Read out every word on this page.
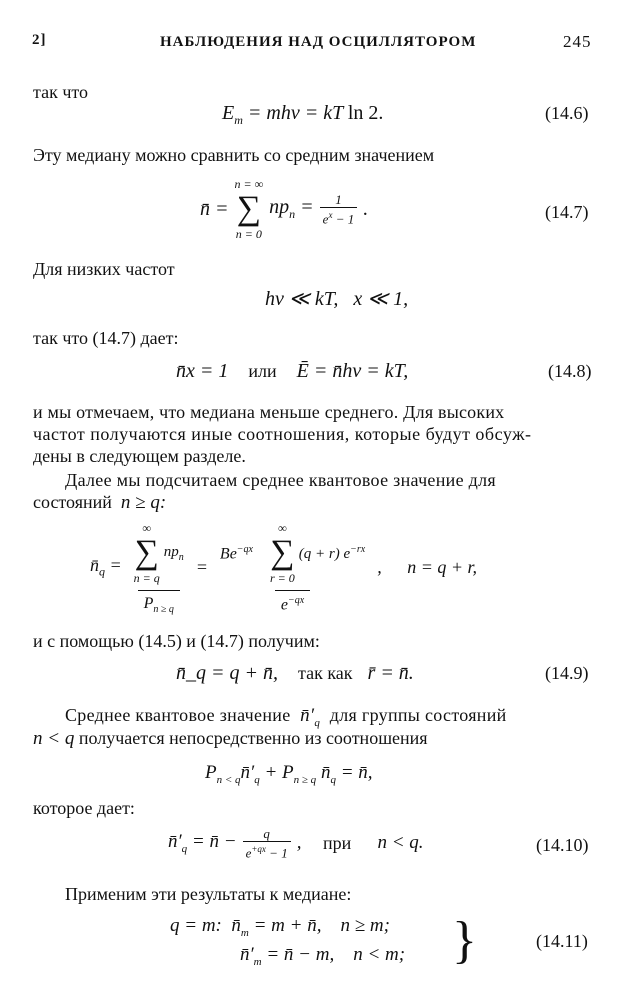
2]	НАБЛЮДЕНИЯ НАД ОСЦИЛЛЯТОРОМ	245
так что
$E_m = mh\nu$ = kT ln 2.	(14.6)
Эту медиану можно сравнить со средним значением
n̄ =
n = ∞
∑
n = 0
$np_n = \frac{1}{e^x - 1}$ .	(14.7)
Для низких частот
hν ≪ kT, x ≪ 1,
так что (14.7) дает:
n̄x = 1 или Ē = n̄hν = kT,	(14.8)
и мы отмечаем, что медиана меньше среднего. Для высоких
частот получаются иные соотношения, которые будут обсуж-
дены в следующем разделе.
Далее мы подсчитаем среднее квантовое значение для
состояний n ≥ q:
$n̄_q$ = ∞
∑
n = q
$np_n$
$P_{n \ge q} = Be^{-qx}$

∞
∑
r = 0
(q + r) $e^{-rx}$
$e^{-qx}$ ,
n = q + r,
и с помощью (14.5) и (14.7) получим:
n̄_q = q + n̄, так как r̄ = n̄.	(14.9)
Среднее квантовое значение $n̄'_q$ для группы состояний
n < q получается непосредственно из соотношения
$P_{n < q}n̄'_q + P_{n \ge q}$ $n̄_q$ = n̄,
которое дает:
$n̄'_q$ = n̄ − $\frac{q}{e^{+qx} - 1}$ ,
при
n < q.	(14.10)
Применим эти результаты к медиане:
q = m:  $n̄_m = m$ + n̄,    n ≥ m;
$n̄'_m$ = n̄ − m,    n < m; }	(14.11)
